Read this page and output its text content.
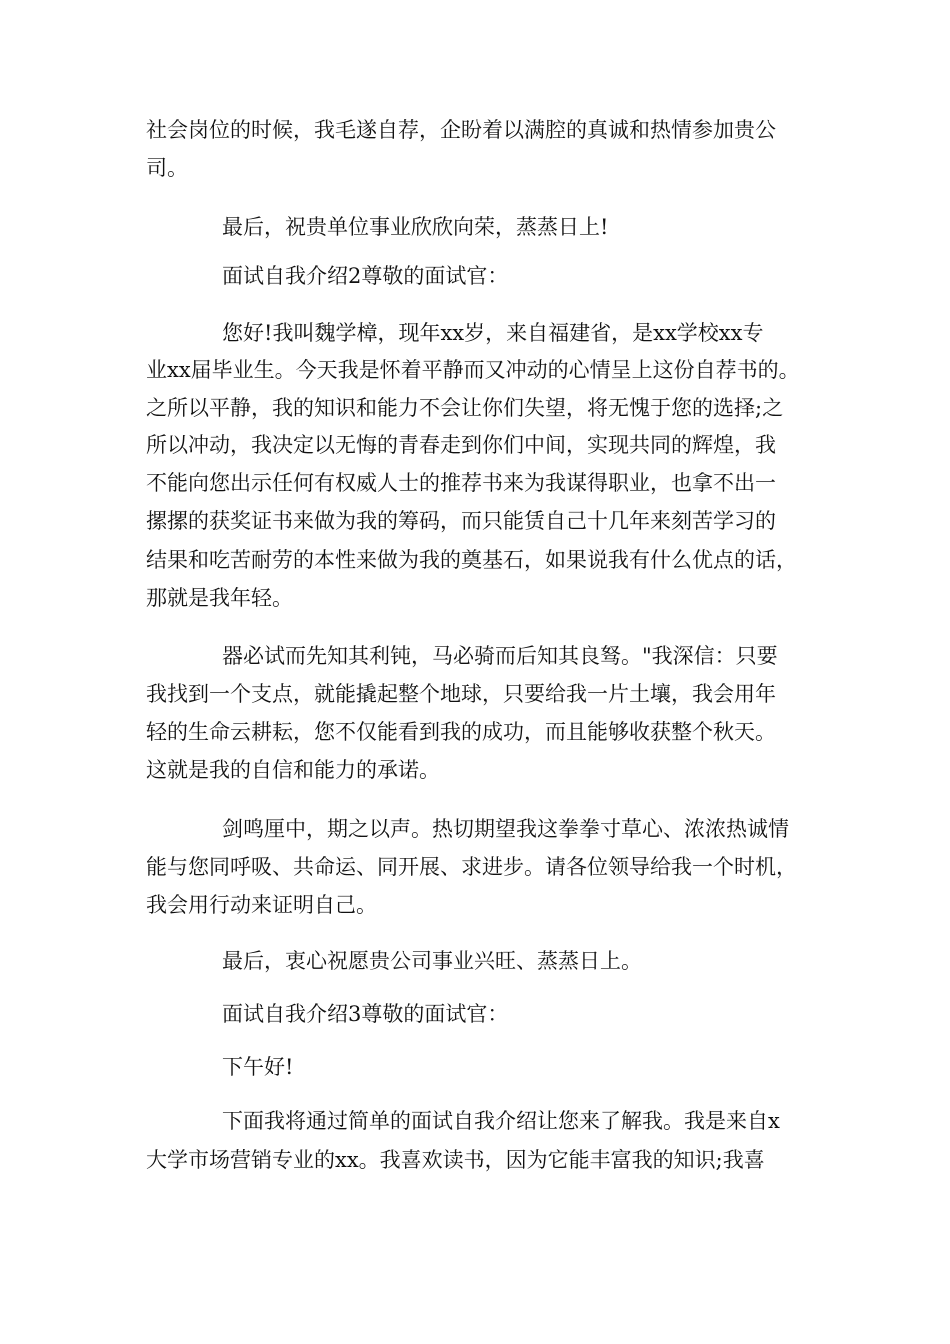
社会岗位的时候，我毛遂自荐，企盼着以满腔的真诚和热情参加贵公
司。
最后，祝贵单位事业欣欣向荣，蒸蒸日上!
面试自我介绍2尊敬的面试官：
您好!我叫魏学樟，现年xx岁，来自福建省，是xx学校xx专
业xx届毕业生。今天我是怀着平静而又冲动的心情呈上这份自荐书的。
之所以平静，我的知识和能力不会让你们失望，将无愧于您的选择;之
所以冲动，我决定以无悔的青春走到你们中间，实现共同的辉煌，我
不能向您出示任何有权威人士的推荐书来为我谋得职业，也拿不出一
摞摞的获奖证书来做为我的筹码，而只能赁自己十几年来刻苦学习的
结果和吃苦耐劳的本性来做为我的奠基石，如果说我有什么优点的话，
那就是我年轻。
器必试而先知其利钝，马必骑而后知其良驽。"我深信：只要
我找到一个支点，就能撬起整个地球，只要给我一片土壤，我会用年
轻的生命云耕耘，您不仅能看到我的成功，而且能够收获整个秋天。
这就是我的自信和能力的承诺。
剑鸣厘中，期之以声。热切期望我这拳拳寸草心、浓浓热诚情
能与您同呼吸、共命运、同开展、求进步。请各位领导给我一个时机，
我会用行动来证明自己。
最后，衷心祝愿贵公司事业兴旺、蒸蒸日上。
面试自我介绍3尊敬的面试官：
下午好!
下面我将通过简单的面试自我介绍让您来了解我。我是来自x
大学市场营销专业的xx。我喜欢读书，因为它能丰富我的知识;我喜
